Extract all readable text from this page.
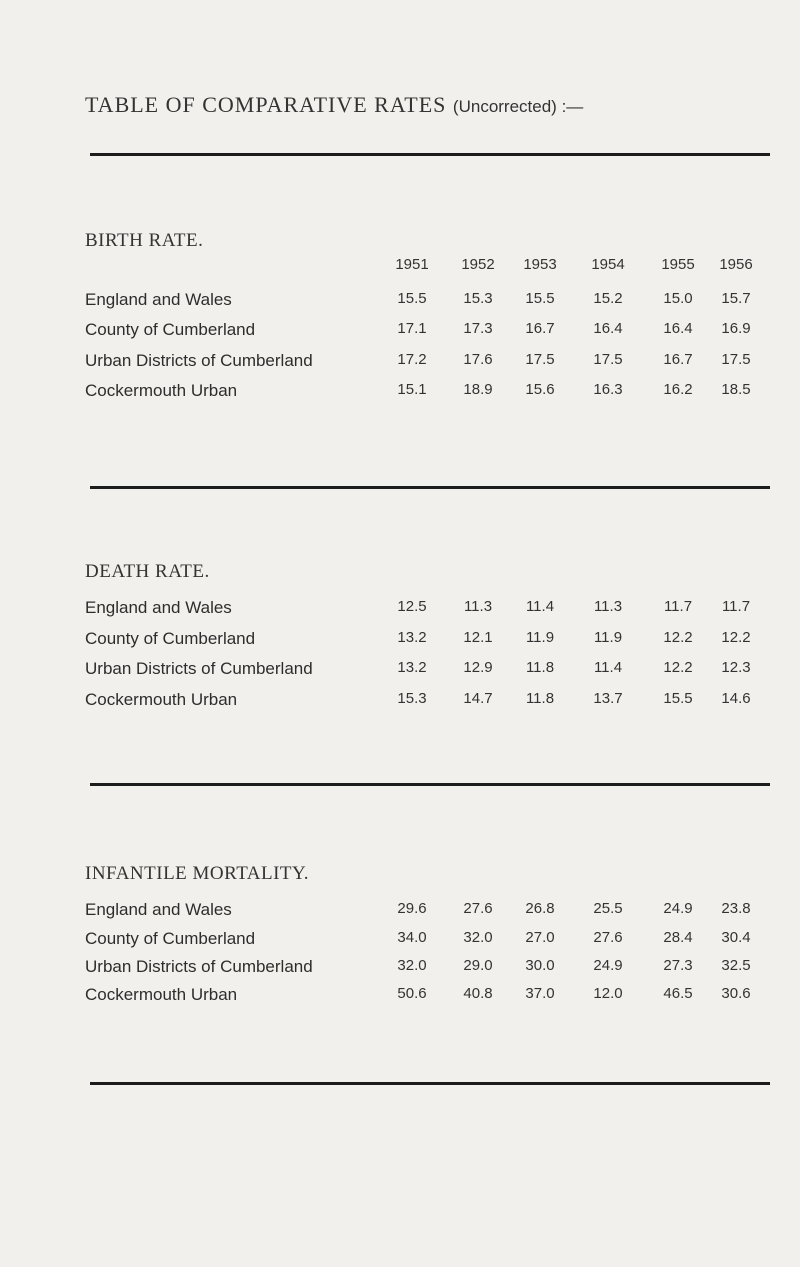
TABLE OF COMPARATIVE RATES (Uncorrected) :—
BIRTH RATE.
1951	1952	1953	1954	1955	1956
England and Wales	15.5	15.3	15.5	15.2	15.0	15.7
County of Cumberland	17.1	17.3	16.7	16.4	16.4	16.9
Urban Districts of Cumberland	17.2	17.6	17.5	17.5	16.7	17.5
Cockermouth Urban	15.1	18.9	15.6	16.3	16.2	18.5
DEATH RATE.
England and Wales	12.5	11.3	11.4	11.3	11.7	11.7
County of Cumberland	13.2	12.1	11.9	11.9	12.2	12.2
Urban Districts of Cumberland	13.2	12.9	11.8	11.4	12.2	12.3
Cockermouth Urban	15.3	14.7	11.8	13.7	15.5	14.6
INFANTILE MORTALITY.
England and Wales	29.6	27.6	26.8	25.5	24.9	23.8
County of Cumberland	34.0	32.0	27.0	27.6	28.4	30.4
Urban Districts of Cumberland	32.0	29.0	30.0	24.9	27.3	32.5
Cockermouth Urban	50.6	40.8	37.0	12.0	46.5	30.6
